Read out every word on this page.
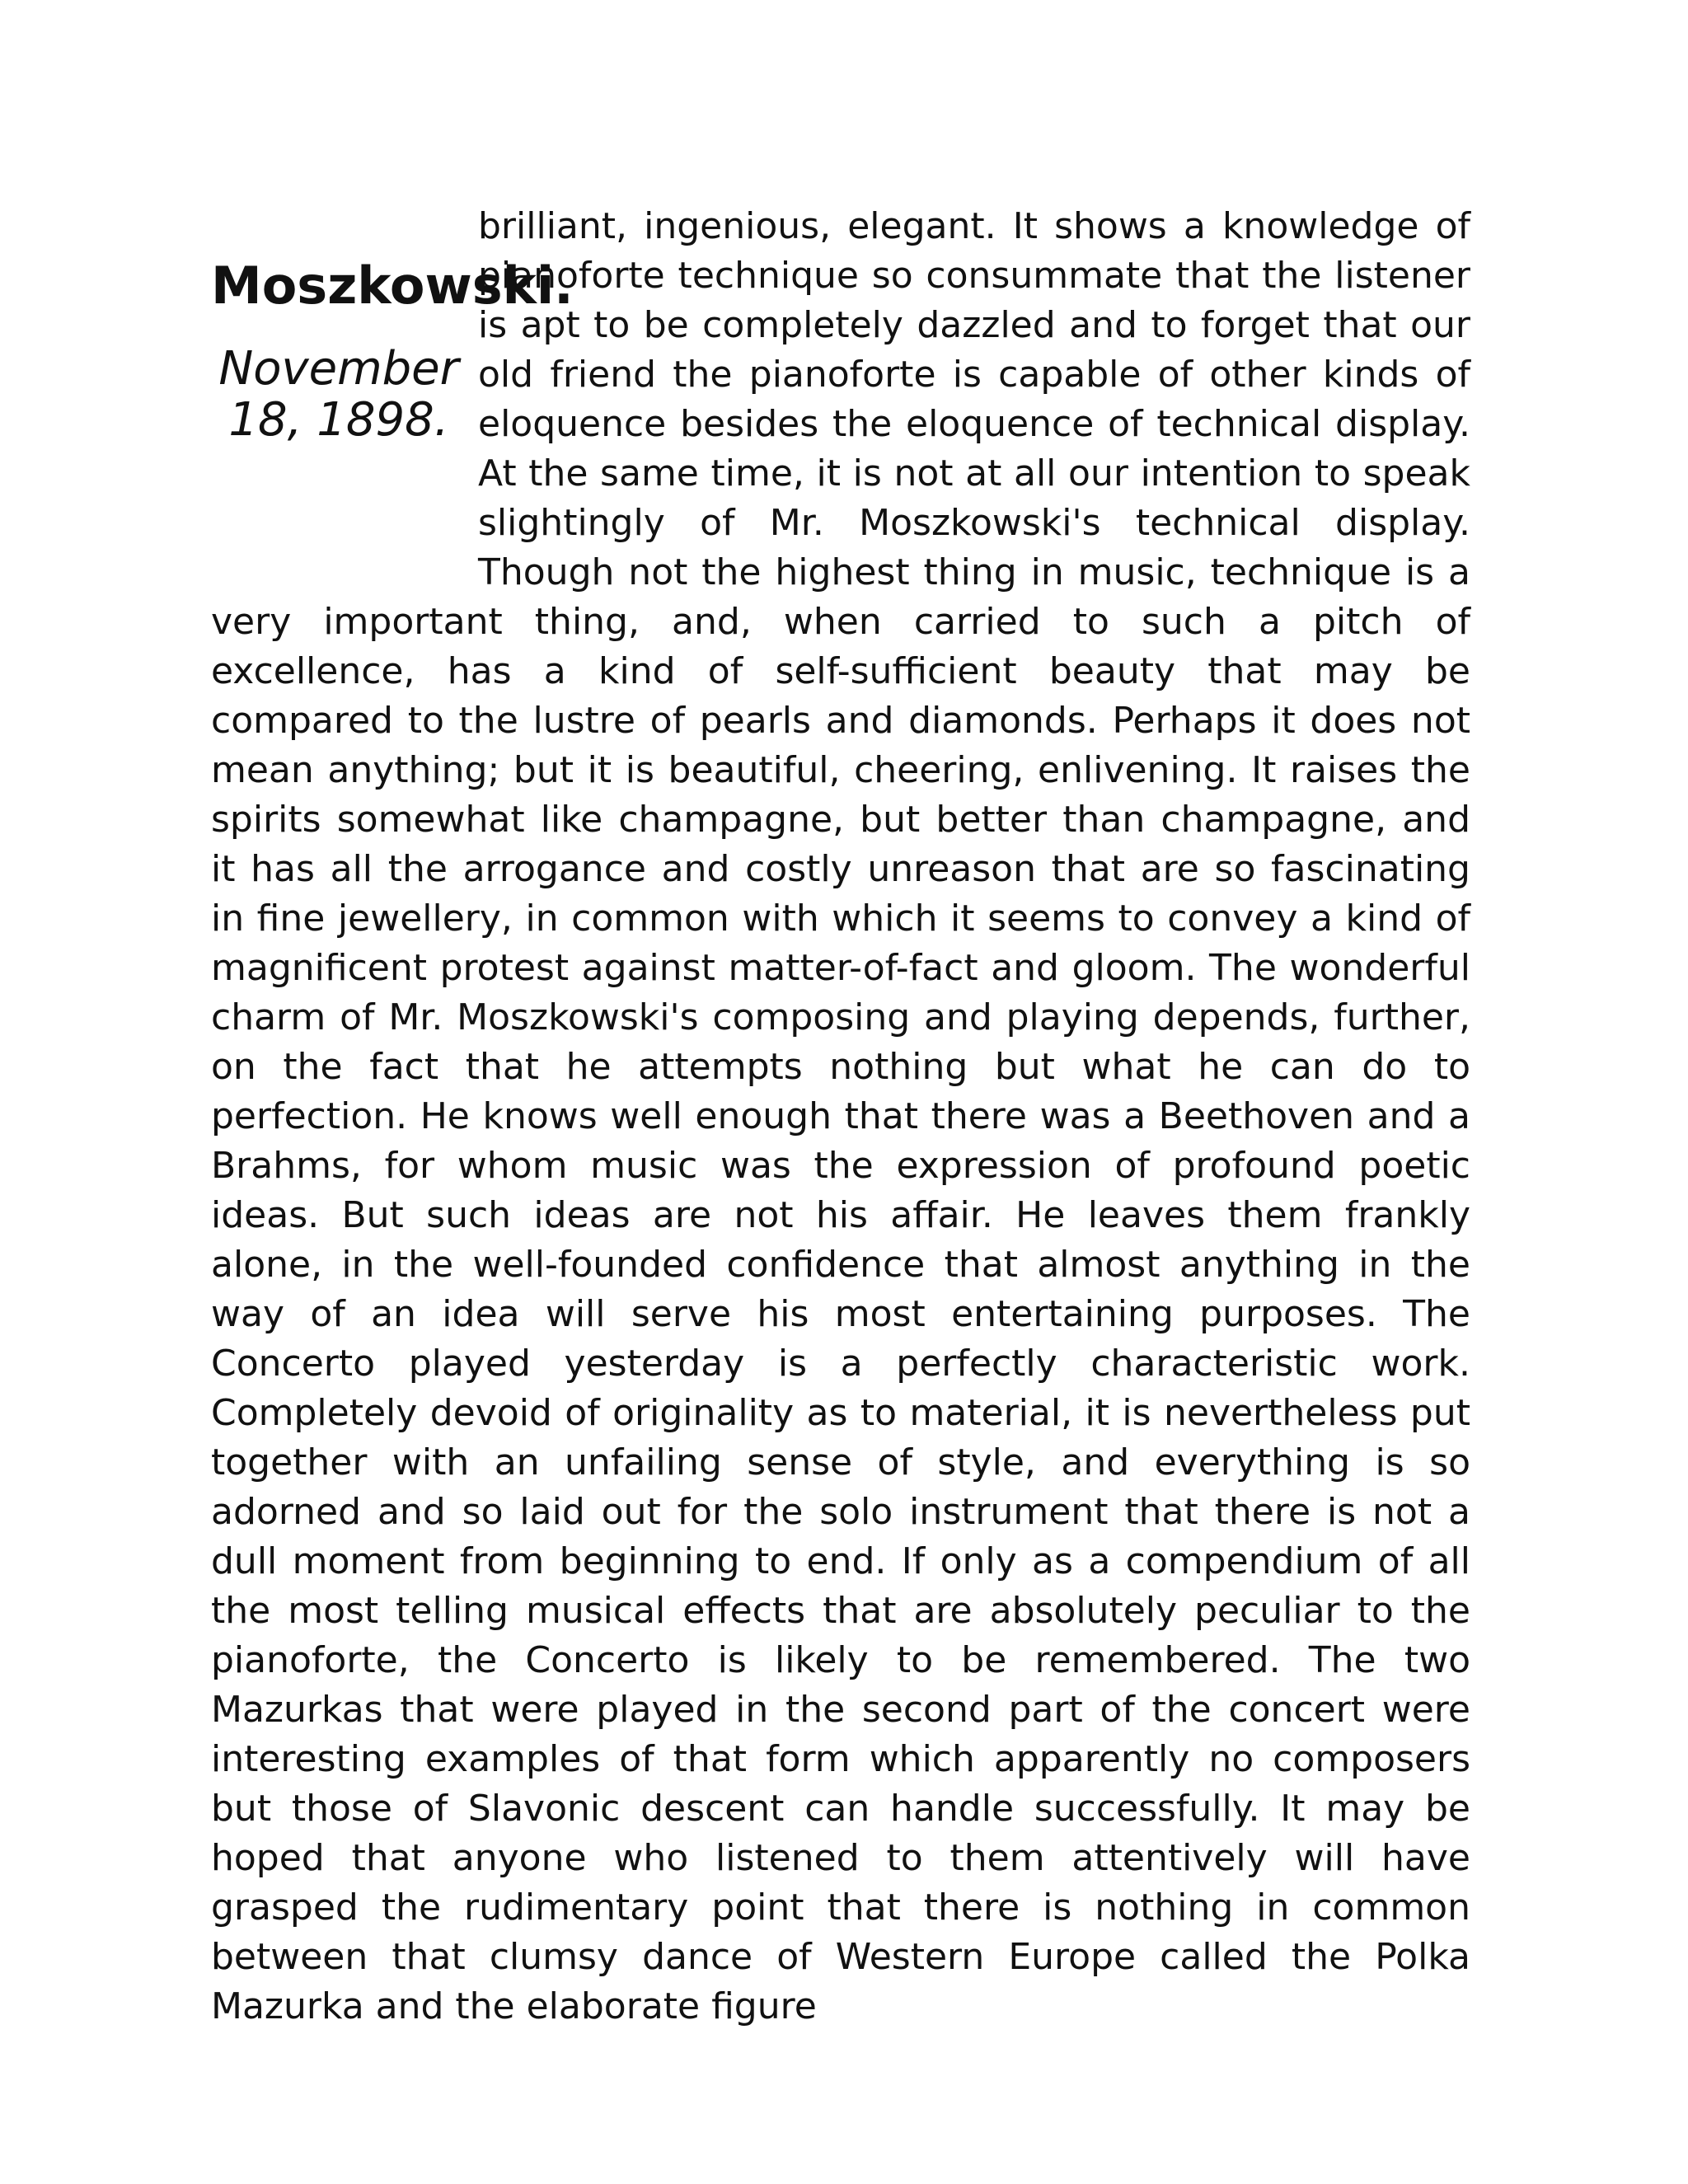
Moszkowski.
November 18, 1898.
brilliant, ingenious, elegant. It shows a knowledge of pianoforte technique so consummate that the listener is apt to be completely dazzled and to forget that our old friend the pianoforte is capable of other kinds of eloquence besides the eloquence of technical display. At the same time, it is not at all our intention to speak slightingly of Mr. Moszkowski's technical display. Though not the highest thing in music, technique is a very important thing, and, when carried to such a pitch of excellence, has a kind of self-sufficient beauty that may be compared to the lustre of pearls and diamonds. Perhaps it does not mean anything; but it is beautiful, cheering, enlivening. It raises the spirits somewhat like champagne, but better than champagne, and it has all the arrogance and costly unreason that are so fascinating in fine jewellery, in common with which it seems to convey a kind of magnificent protest against matter-of-fact and gloom. The wonderful charm of Mr. Moszkowski's composing and playing depends, further, on the fact that he attempts nothing but what he can do to perfection. He knows well enough that there was a Beethoven and a Brahms, for whom music was the expression of profound poetic ideas. But such ideas are not his affair. He leaves them frankly alone, in the well-founded confidence that almost anything in the way of an idea will serve his most entertaining purposes. The Concerto played yesterday is a perfectly characteristic work. Completely devoid of originality as to material, it is nevertheless put together with an unfailing sense of style, and everything is so adorned and so laid out for the solo instrument that there is not a dull moment from beginning to end. If only as a compendium of all the most telling musical effects that are absolutely peculiar to the pianoforte, the Concerto is likely to be remembered. The two Mazurkas that were played in the second part of the concert were interesting examples of that form which apparently no composers but those of Slavonic descent can handle successfully. It may be hoped that anyone who listened to them attentively will have grasped the rudimentary point that there is nothing in common between that clumsy dance of Western Europe called the Polka Mazurka and the elaborate figure
